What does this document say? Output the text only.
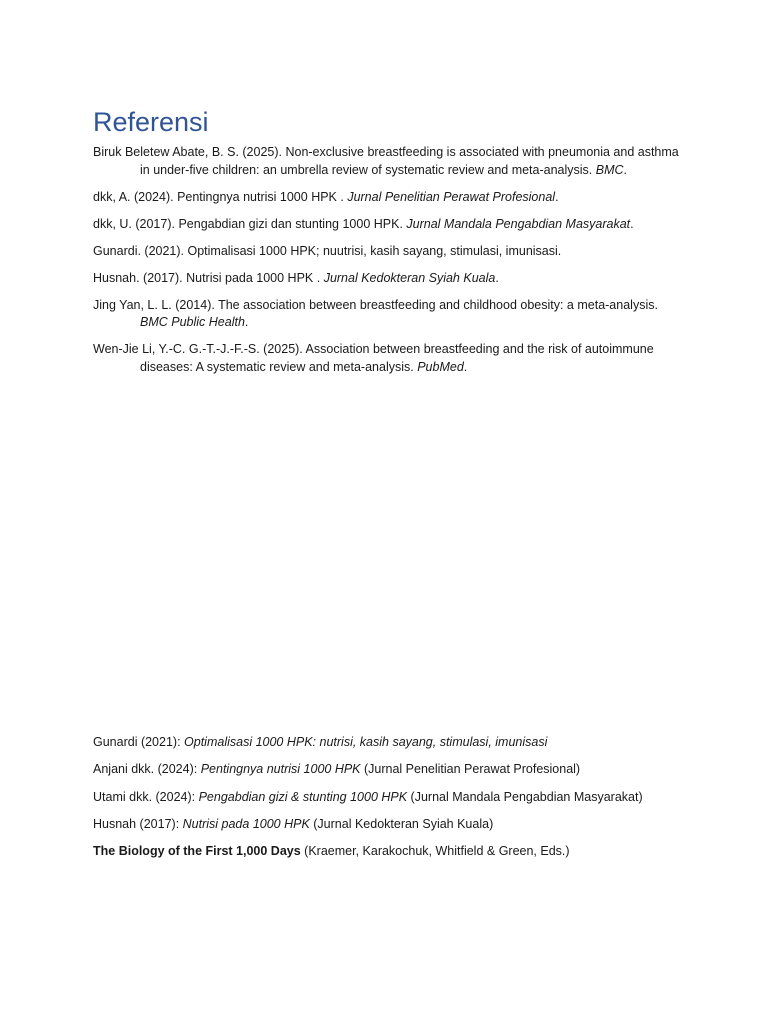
Referensi

Biruk Beletew Abate, B. S. (2025). Non-exclusive breastfeeding is associated with pneumonia and asthma in under-five children: an umbrella review of systematic review and meta-analysis. BMC.

dkk, A. (2024). Pentingnya nutrisi 1000 HPK . Jurnal Penelitian Perawat Profesional.

dkk, U. (2017). Pengabdian gizi dan stunting 1000 HPK. Jurnal Mandala Pengabdian Masyarakat.

Gunardi. (2021). Optimalisasi 1000 HPK; nuutrisi, kasih sayang, stimulasi, imunisasi.

Husnah. (2017). Nutrisi pada 1000 HPK . Jurnal Kedokteran Syiah Kuala.

Jing Yan, L. L. (2014). The association between breastfeeding and childhood obesity: a meta-analysis. BMC Public Health.

Wen-Jie Li, Y.-C. G.-T.-J.-F.-S. (2025). Association between breastfeeding and the risk of autoimmune diseases: A systematic review and meta-analysis. PubMed.

Gunardi (2021): Optimalisasi 1000 HPK: nutrisi, kasih sayang, stimulasi, imunisasi

Anjani dkk. (2024): Pentingnya nutrisi 1000 HPK (Jurnal Penelitian Perawat Profesional)

Utami dkk. (2024): Pengabdian gizi & stunting 1000 HPK (Jurnal Mandala Pengabdian Masyarakat)

Husnah (2017): Nutrisi pada 1000 HPK (Jurnal Kedokteran Syiah Kuala)

The Biology of the First 1,000 Days (Kraemer, Karakochuk, Whitfield & Green, Eds.)
